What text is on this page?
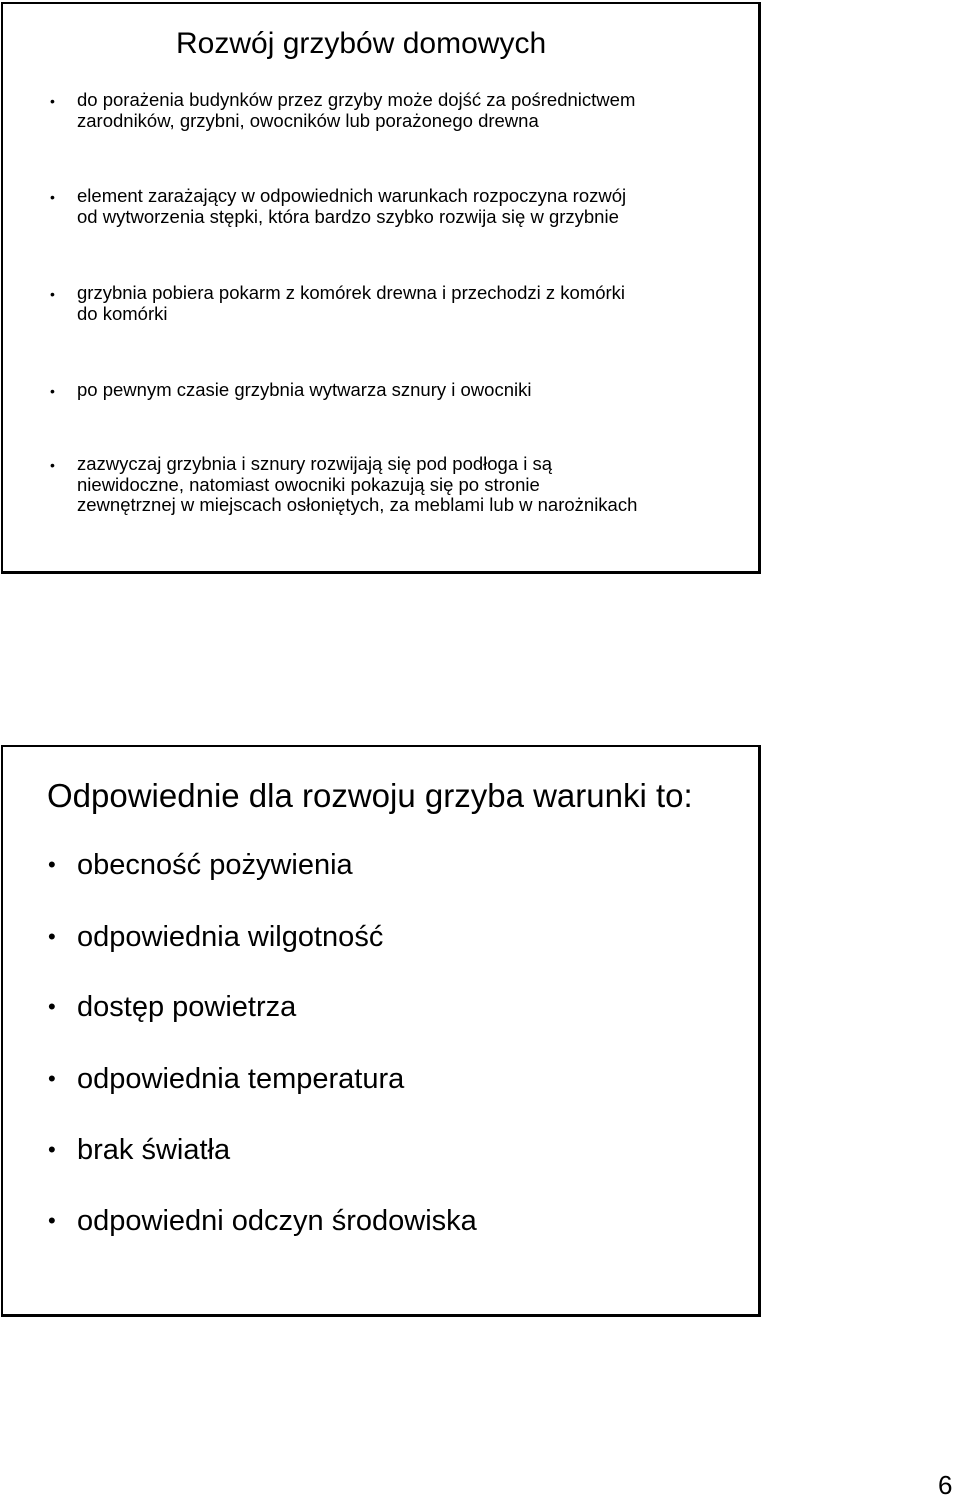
Rozwój grzybów domowych
• do porażenia budynków przez grzyby może dojść za pośrednictwem
zarodników, grzybni, owocników lub porażonego drewna
• element zarażający w odpowiednich warunkach rozpoczyna rozwój
od wytworzenia stępki, która bardzo szybko rozwija się w grzybnie
• grzybnia pobiera pokarm z komórek drewna i przechodzi z komórki
do komórki
• po pewnym czasie grzybnia wytwarza sznury i owocniki
• zazwyczaj grzybnia i sznury rozwijają się pod podłoga i są
niewidoczne, natomiast owocniki pokazują się po stronie
zewnętrznej w miejscach osłoniętych, za meblami lub w narożnikach
Odpowiednie dla rozwoju grzyba warunki to:
• obecność pożywienia
• odpowiednia wilgotność
• dostęp powietrza
• odpowiednia temperatura
• brak światła
• odpowiedni odczyn środowiska
6
